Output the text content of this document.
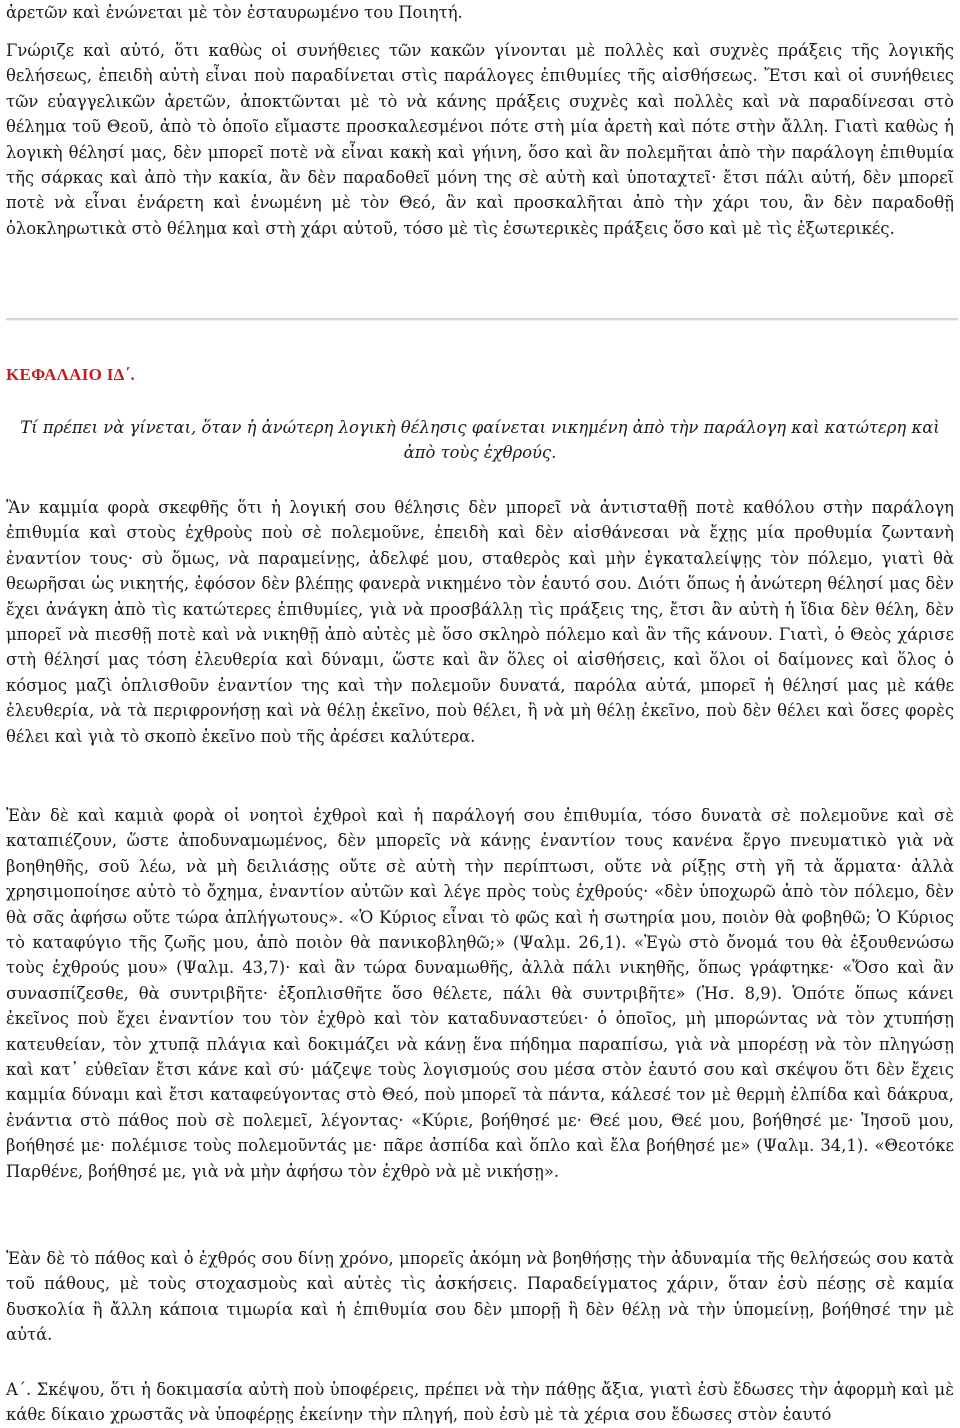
ἀρετῶν καὶ ἑνώνεται μὲ τὸν ἐσταυρωμένο του Ποιητή.

Γνώριζε καὶ αὐτό, ὅτι καθὼς οἱ συνήθειες τῶν κακῶν γίνονται μὲ πολλὲς καὶ συχνὲς πράξεις τῆς λογικῆς θελήσεως, ἐπειδὴ αὐτὴ εἶναι ποὺ παραδίνεται στὶς παράλογες ἐπιθυμίες τῆς αἰσθήσεως. Ἔτσι καὶ οἱ συνήθειες τῶν εὐαγγελικῶν ἀρετῶν, ἀποκτῶνται μὲ τὸ νὰ κάνης πράξεις συχνὲς καὶ πολλὲς καὶ νὰ παραδίνεσαι στὸ θέλημα τοῦ Θεοῦ, ἀπὸ τὸ ὁποῖο εἴμαστε προσκαλεσμένοι πότε στὴ μία ἀρετὴ καὶ πότε στὴν ἄλλη. Γιατὶ καθὼς ἡ λογικὴ θέλησί μας, δὲν μπορεῖ ποτὲ νὰ εἶναι κακὴ καὶ γήινη, ὅσο καὶ ἂν πολεμῆται ἀπὸ τὴν παράλογη ἐπιθυμία τῆς σάρκας καὶ ἀπὸ τὴν κακία, ἂν δὲν παραδοθεῖ μόνη της σὲ αὐτὴ καὶ ὑποταχτεῖ· ἔτσι πάλι αὐτή, δὲν μπορεῖ ποτὲ νὰ εἶναι ἐνάρετη καὶ ἑνωμένη μὲ τὸν Θεό, ἂν καὶ προσκαλῆται ἀπὸ τὴν χάρι του, ἂν δὲν παραδοθῇ ὁλοκληρωτικὰ στὸ θέλημα καὶ στὴ χάρι αὐτοῦ, τόσο μὲ τὶς ἐσωτερικὲς πράξεις ὅσο καὶ μὲ τὶς ἐξωτερικές.

ΚΕΦΑΛΑΙΟ ΙΔ΄.

Τί πρέπει νὰ γίνεται, ὅταν ἡ ἀνώτερη λογικὴ θέλησις φαίνεται νικημένη ἀπὸ τὴν παράλογη καὶ κατώτερη καὶ ἀπὸ τοὺς ἐχθρούς.

Ἂν καμμία φορὰ σκεφθῆς ὅτι ἡ λογική σου θέλησις δὲν μπορεῖ νὰ ἀντισταθῇ ποτὲ καθόλου στὴν παράλογη ἐπιθυμία καὶ στοὺς ἐχθροὺς ποὺ σὲ πολεμοῦνε, ἐπειδὴ καὶ δὲν αἰσθάνεσαι νὰ ἔχῃς μία προθυμία ζωντανὴ ἐναντίον τους· σὺ ὅμως, νὰ παραμείνῃς, ἀδελφέ μου, σταθερὸς καὶ μὴν ἐγκαταλείψῃς τὸν πόλεμο, γιατὶ θὰ θεωρῆσαι ὡς νικητής, ἐφόσον δὲν βλέπῃς φανερὰ νικημένο τὸν ἑαυτό σου. Διότι ὅπως ἡ ἀνώτερη θέλησί μας δὲν ἔχει ἀνάγκη ἀπὸ τὶς κατώτερες ἐπιθυμίες, γιὰ νὰ προσβάλλῃ τὶς πράξεις της, ἔτσι ἂν αὐτὴ ἡ ἴδια δὲν θέλη, δὲν μπορεῖ νὰ πιεσθῇ ποτὲ καὶ νὰ νικηθῇ ἀπὸ αὐτὲς μὲ ὅσο σκληρὸ πόλεμο καὶ ἂν τῆς κάνουν. Γιατὶ, ὁ Θεὸς χάρισε στὴ θέλησί μας τόση ἐλευθερία καὶ δύναμι, ὥστε καὶ ἂν ὅλες οἱ αἰσθήσεις, καὶ ὅλοι οἱ δαίμονες καὶ ὅλος ὁ κόσμος μαζὶ ὁπλισθοῦν ἐναντίον της καὶ τὴν πολεμοῦν δυνατά, παρόλα αὐτά, μπορεῖ ἡ θέλησί μας μὲ κάθε ἐλευθερία, νὰ τὰ περιφρονήσῃ καὶ νὰ θέλῃ ἐκεῖνο, ποὺ θέλει, ἢ νὰ μὴ θέλῃ ἐκεῖνο, ποὺ δὲν θέλει καὶ ὅσες φορὲς θέλει καὶ γιὰ τὸ σκοπὸ ἐκεῖνο ποὺ τῆς ἀρέσει καλύτερα.

Ἐὰν δὲ καὶ καμιὰ φορὰ οἱ νοητοὶ ἐχθροὶ καὶ ἡ παράλογή σου ἐπιθυμία, τόσο δυνατὰ σὲ πολεμοῦνε καὶ σὲ καταπιέζουν, ὥστε ἀποδυναμωμένος, δὲν μπορεῖς νὰ κάνῃς ἐναντίον τους κανένα ἔργο πνευματικὸ γιὰ νὰ βοηθηθῆς, σοῦ λέω, νὰ μὴ δειλιάσῃς οὔτε σὲ αὐτὴ τὴν περίπτωσι, οὔτε νὰ ρίξῃς στὴ γῆ τὰ ἅρματα· ἀλλὰ χρησιμοποίησε αὐτὸ τὸ ὄχημα, ἐναντίον αὐτῶν καὶ λέγε πρὸς τοὺς ἐχθρούς· «δὲν ὑποχωρῶ ἀπὸ τὸν πόλεμο, δὲν θὰ σᾶς ἀφήσω οὔτε τώρα ἀπλήγωτους». «Ὁ Κύριος εἶναι τὸ φῶς καὶ ἡ σωτηρία μου, ποιὸν θὰ φοβηθῶ; Ὁ Κύριος τὸ καταφύγιο τῆς ζωῆς μου, ἀπὸ ποιὸν θὰ πανικοβληθῶ;» (Ψαλμ. 26,1). «Ἐγὼ στὸ ὄνομά του θὰ ἐξουθενώσω τοὺς ἐχθρούς μου» (Ψαλμ. 43,7)· καὶ ἂν τώρα δυναμωθῆς, ἀλλὰ πάλι νικηθῆς, ὅπως γράφτηκε· «Ὅσο καὶ ἂν συνασπίζεσθε, θὰ συντριβῆτε· ἐξοπλισθῆτε ὅσο θέλετε, πάλι θὰ συντριβῆτε» (Ἡσ. 8,9). Ὁπότε ὅπως κάνει ἐκεῖνος ποὺ ἔχει ἐναντίον του τὸν ἐχθρὸ καὶ τὸν καταδυναστεύει· ὁ ὁποῖος, μὴ μπορώντας νὰ τὸν χτυπήσῃ κατευθείαν, τὸν χτυπᾷ πλάγια καὶ δοκιμάζει νὰ κάνῃ ἕνα πήδημα παραπίσω, γιὰ νὰ μπορέσῃ νὰ τὸν πληγώσῃ καὶ κατ᾽ εὐθεῖαν ἔτσι κάνε καὶ σύ· μάζεψε τοὺς λογισμούς σου μέσα στὸν ἑαυτό σου καὶ σκέψου ὅτι δὲν ἔχεις καμμία δύναμι καὶ ἔτσι καταφεύγοντας στὸ Θεό, ποὺ μπορεῖ τὰ πάντα, κάλεσέ τον μὲ θερμὴ ἐλπίδα καὶ δάκρυα, ἐνάντια στὸ πάθος ποὺ σὲ πολεμεῖ, λέγοντας· «Κύριε, βοήθησέ με· Θεέ μου, Θεέ μου, βοήθησέ με· Ἰησοῦ μου, βοήθησέ με· πολέμισε τοὺς πολεμοῦντάς με· πᾶρε ἀσπίδα καὶ ὅπλο καὶ ἔλα βοήθησέ με» (Ψαλμ. 34,1). «Θεοτόκε Παρθένε, βοήθησέ με, γιὰ νὰ μὴν ἀφήσω τὸν ἐχθρὸ νὰ μὲ νικήσῃ».

Ἐὰν δὲ τὸ πάθος καὶ ὁ ἐχθρός σου δίνῃ χρόνο, μπορεῖς ἀκόμη νὰ βοηθήσῃς τὴν ἀδυναμία τῆς θελήσεώς σου κατὰ τοῦ πάθους, μὲ τοὺς στοχασμοὺς καὶ αὐτὲς τὶς ἀσκήσεις. Παραδείγματος χάριν, ὅταν ἐσὺ πέσῃς σὲ καμία δυσκολία ἢ ἄλλη κάποια τιμωρία καὶ ἡ ἐπιθυμία σου δὲν μπορῇ ἢ δὲν θέλῃ νὰ τὴν ὑπομείνῃ, βοήθησέ την μὲ αὐτά.

Α΄. Σκέψου, ὅτι ἡ δοκιμασία αὐτὴ ποὺ ὑποφέρεις, πρέπει νὰ τὴν πάθῃς ἄξια, γιατὶ ἐσὺ ἔδωσες τὴν ἀφορμὴ καὶ μὲ κάθε δίκαιο χρωστᾶς νὰ ὑποφέρῃς ἐκείνην τὴν πληγή, ποὺ ἐσὺ μὲ τὰ χέρια σου ἔδωσες στὸν ἑαυτό
